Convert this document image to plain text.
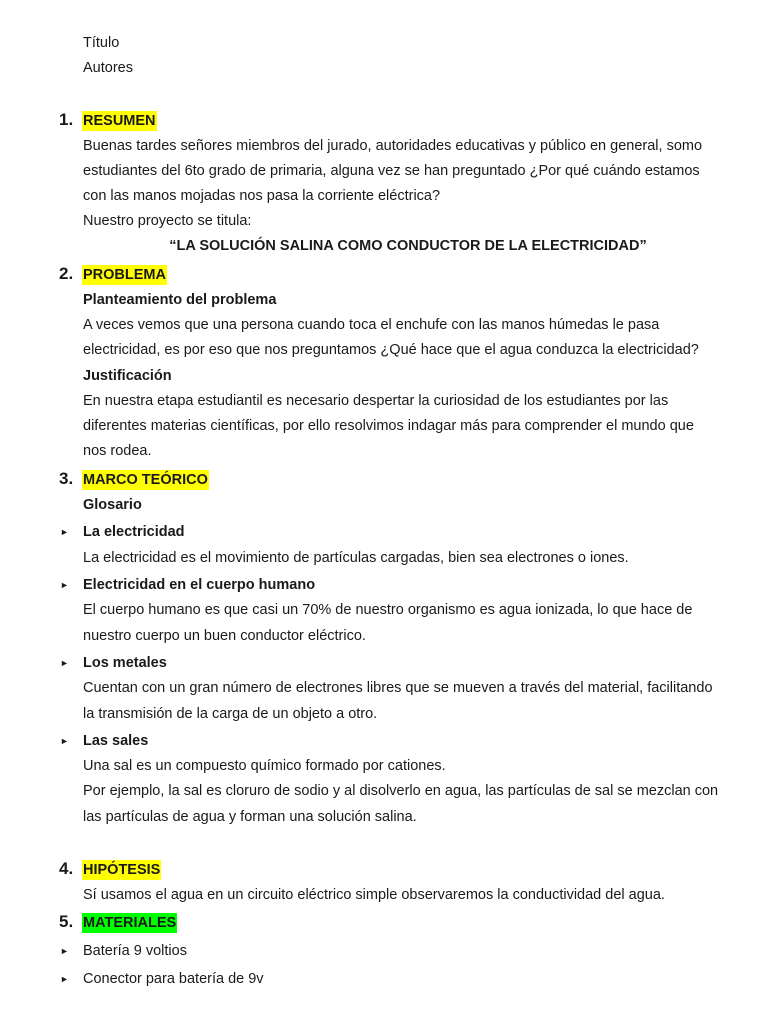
Título
Autores
1. RESUMEN
Buenas tardes señores miembros del jurado, autoridades educativas y público en general, somo
estudiantes del 6to grado de primaria, alguna vez se han preguntado ¿Por qué cuándo estamos
con las manos mojadas nos pasa la corriente eléctrica?
Nuestro proyecto se titula:
“LA SOLUCIÓN SALINA COMO CONDUCTOR DE LA ELECTRICIDAD”
2. PROBLEMA
Planteamiento del problema
A veces vemos que una persona cuando toca el enchufe con las manos húmedas le pasa
electricidad, es por eso que nos preguntamos ¿Qué hace que el agua conduzca la electricidad?
Justificación
En nuestra etapa estudiantil es necesario despertar la curiosidad de los estudiantes por las
diferentes materias científicas, por ello resolvimos indagar más para comprender el mundo que
nos rodea.
3. MARCO TEÓRICO
Glosario
► La electricidad
La electricidad es el movimiento de partículas cargadas, bien sea electrones o iones.
► Electricidad en el cuerpo humano
El cuerpo humano es que casi un 70% de nuestro organismo es agua ionizada, lo que hace de
nuestro cuerpo un buen conductor eléctrico.
► Los metales
Cuentan con un gran número de electrones libres que se mueven a través del material, facilitando
la transmisión de la carga de un objeto a otro.
► Las sales
Una sal es un compuesto químico formado por cationes.
Por ejemplo, la sal es cloruro de sodio y al disolverlo en agua, las partículas de sal se mezclan con
las partículas de agua y forman una solución salina.
4. HIPÓTESIS
Sí usamos el agua en un circuito eléctrico simple observaremos la conductividad del agua.
5. MATERIALES
► Batería 9 voltios
► Conector para batería de 9v
